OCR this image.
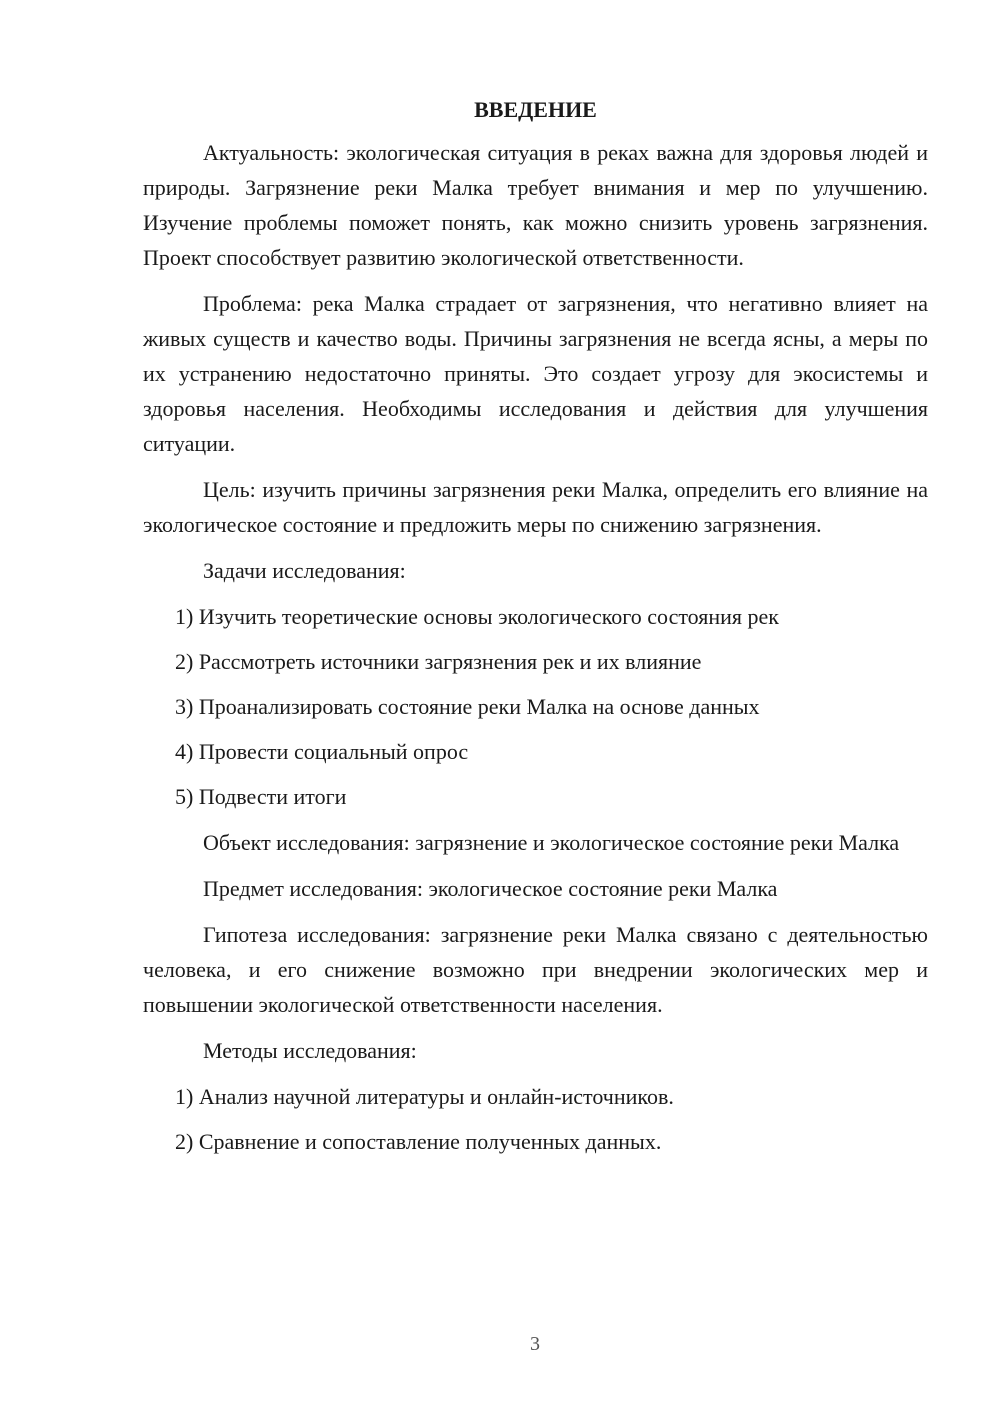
ВВЕДЕНИЕ

Актуальность: экологическая ситуация в реках важна для здоровья людей и природы. Загрязнение реки Малка требует внимания и мер по улучшению. Изучение проблемы поможет понять, как можно снизить уровень загрязнения. Проект способствует развитию экологической ответственности.

Проблема: река Малка страдает от загрязнения, что негативно влияет на живых существ и качество воды. Причины загрязнения не всегда ясны, а меры по их устранению недостаточно приняты. Это создает угрозу для экосистемы и здоровья населения. Необходимы исследования и действия для улучшения ситуации.

Цель: изучить причины загрязнения реки Малка, определить его влияние на экологическое состояние и предложить меры по снижению загрязнения.

Задачи исследования:

1) Изучить теоретические основы экологического состояния рек
2) Рассмотреть источники загрязнения рек и их влияние
3) Проанализировать состояние реки Малка на основе данных
4) Провести социальный опрос
5) Подвести итоги

Объект исследования: загрязнение и экологическое состояние реки Малка

Предмет исследования: экологическое состояние реки Малка

Гипотеза исследования: загрязнение реки Малка связано с деятельностью человека, и его снижение возможно при внедрении экологических мер и повышении экологической ответственности населения.

Методы исследования:

1) Анализ научной литературы и онлайн-источников.
2) Сравнение и сопоставление полученных данных.
3
